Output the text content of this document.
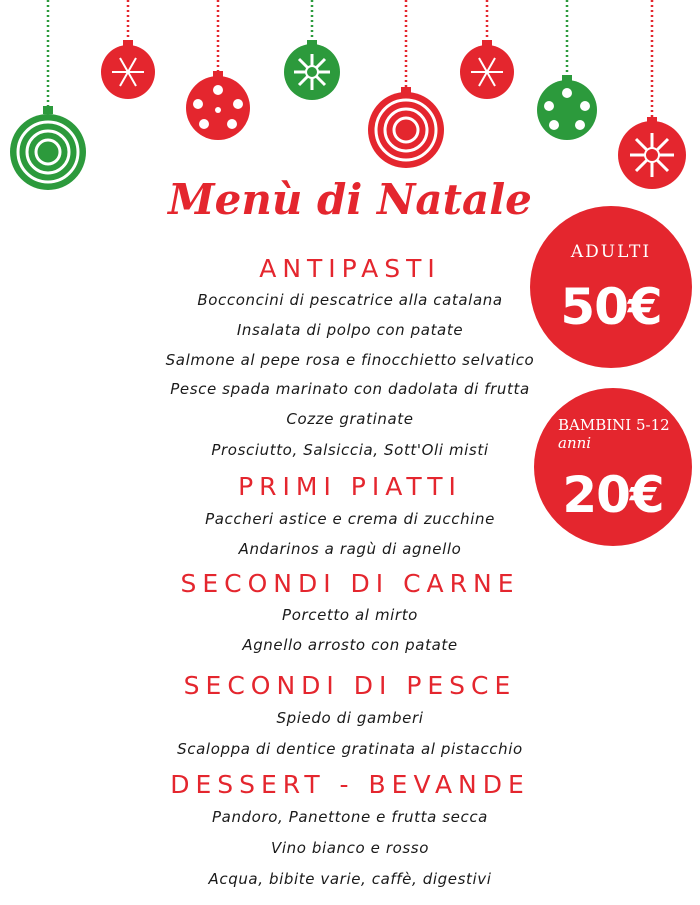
Menù di Natale
ADULTI
50€
BAMBINI 5-12
anni
20€
ANTIPASTI
Bocconcini di pescatrice alla catalana
Insalata di polpo con patate
Salmone al pepe rosa e finocchietto selvatico
Pesce spada marinato con dadolata di frutta
Cozze gratinate
Prosciutto, Salsiccia, Sott'Oli misti
PRIMI PIATTI
Paccheri astice e crema di zucchine
Andarinos a ragù di agnello
SECONDI DI CARNE
Porcetto al mirto
Agnello arrosto con patate
SECONDI DI PESCE
Spiedo di gamberi
Scaloppa di dentice gratinata al pistacchio
DESSERT - BEVANDE
Pandoro, Panettone e frutta secca
Vino bianco e rosso
Acqua, bibite varie, caffè, digestivi
